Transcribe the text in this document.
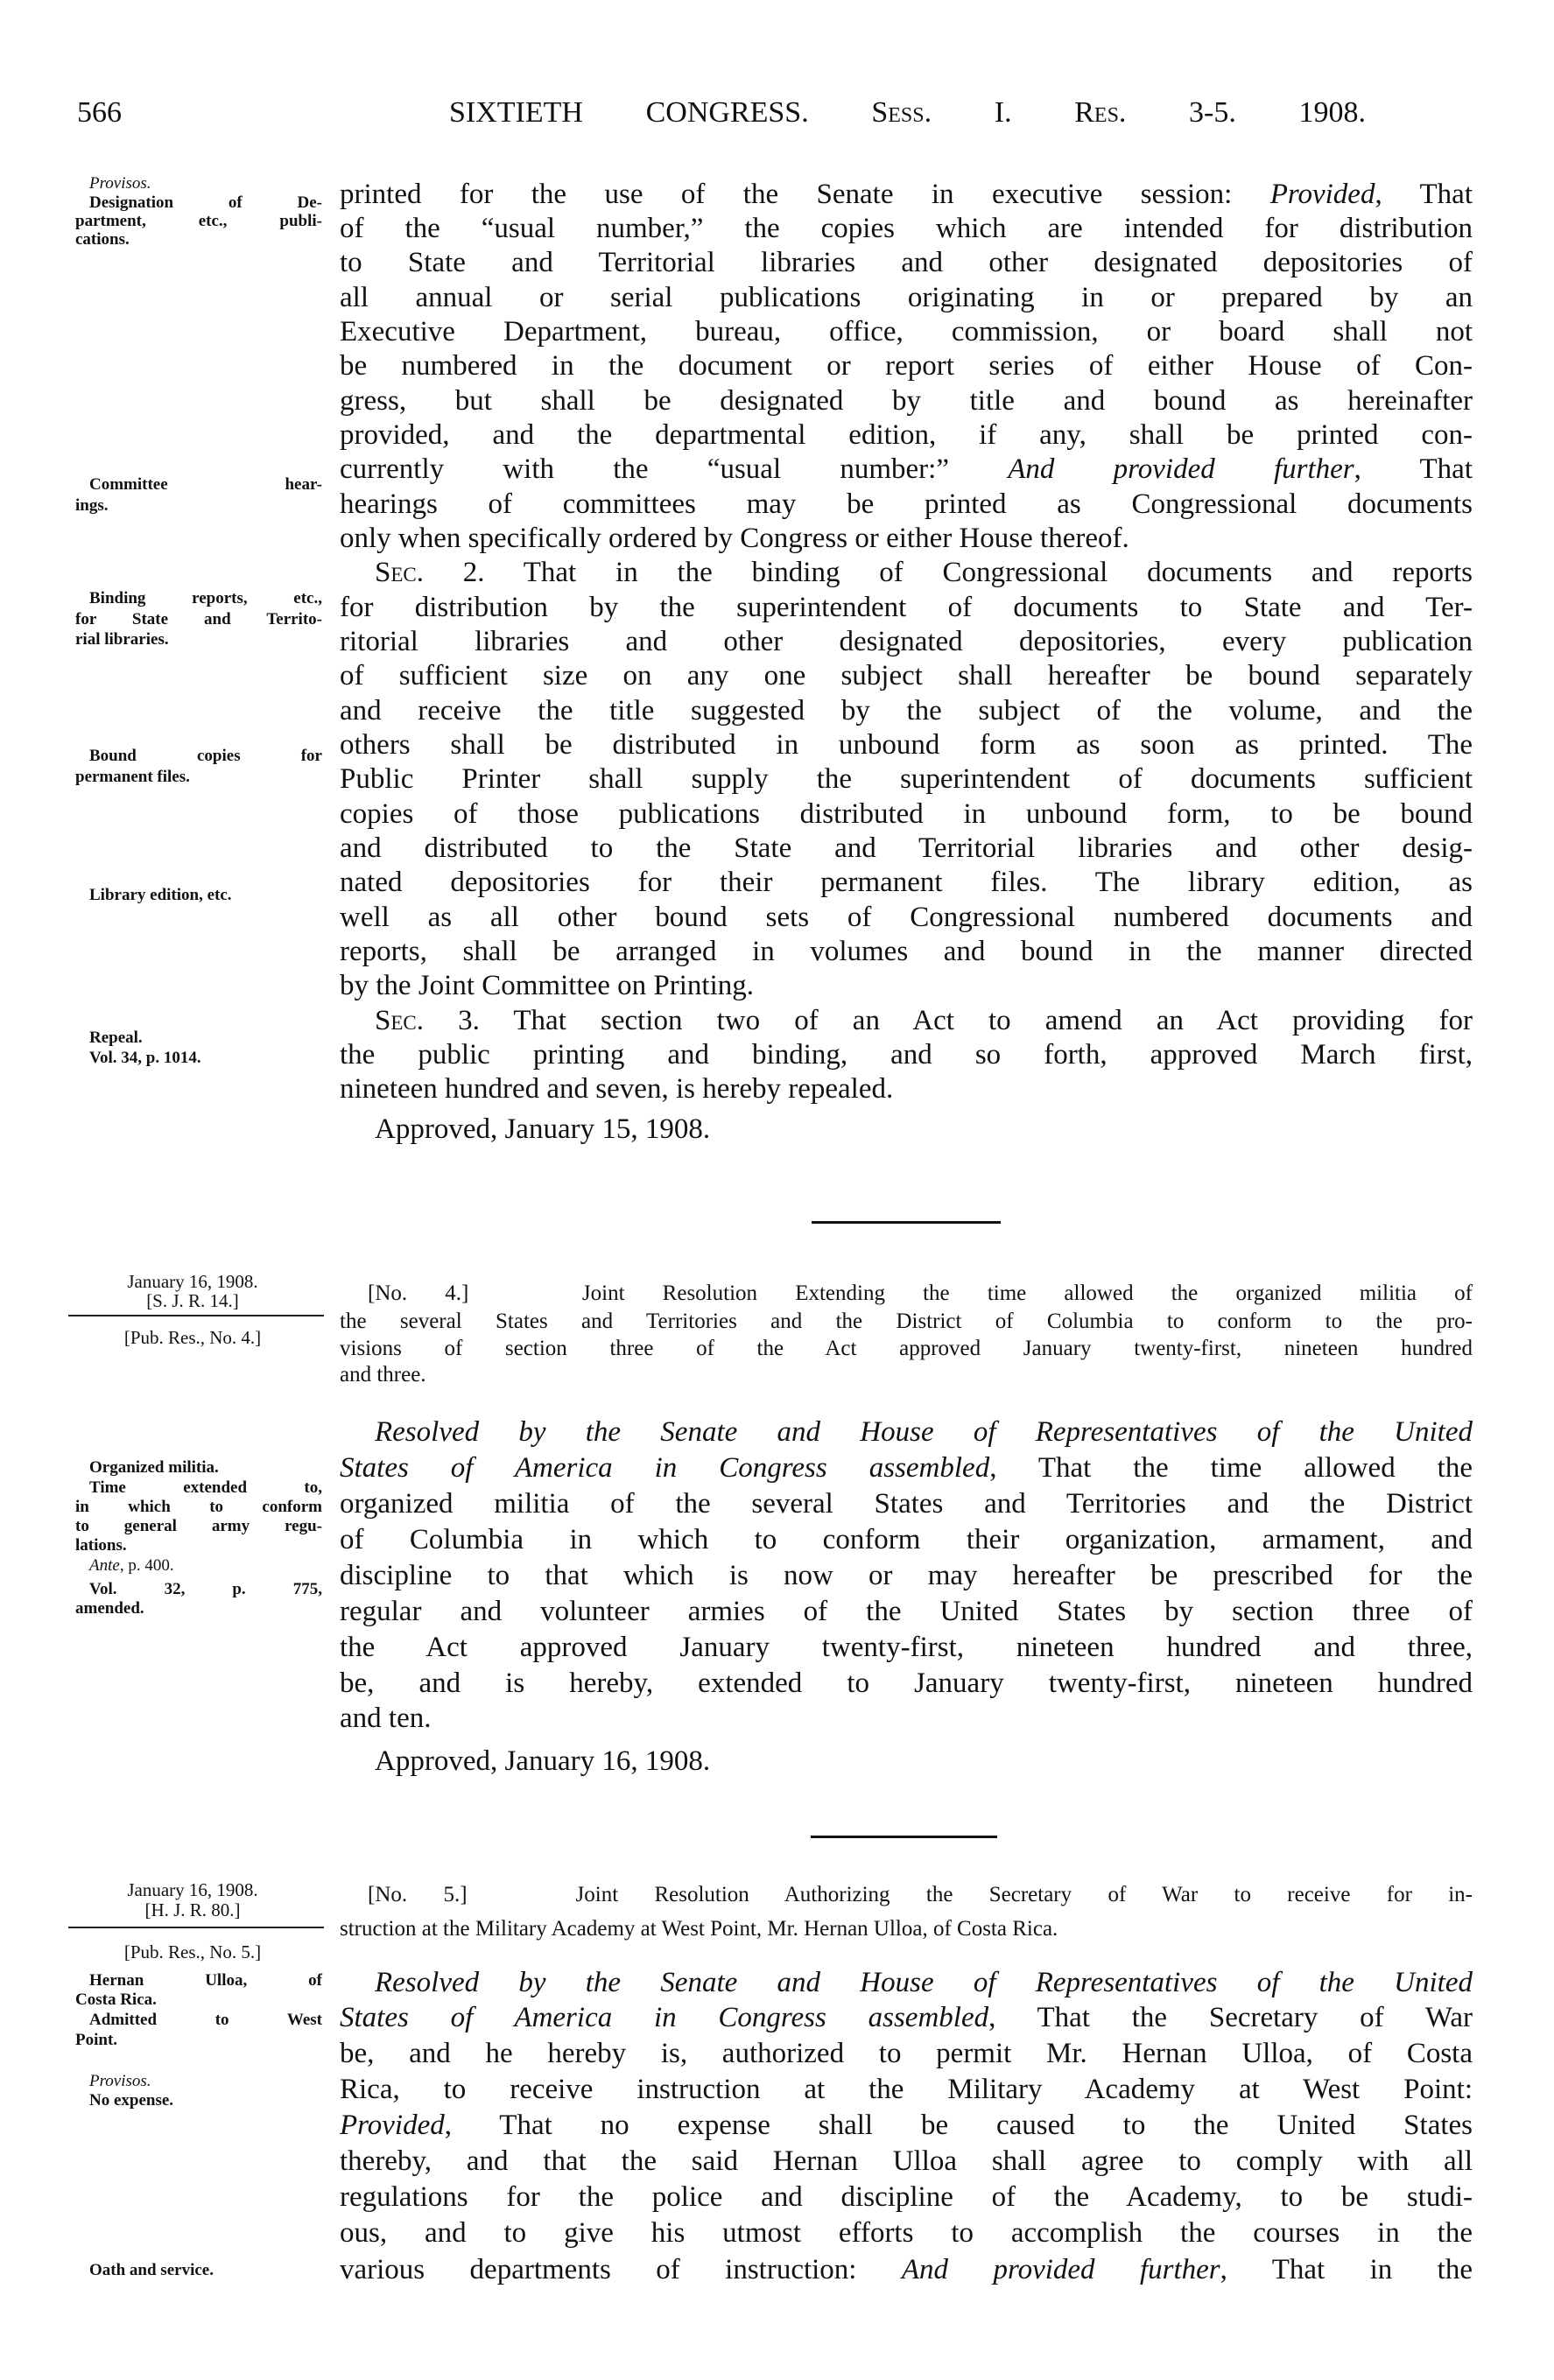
566	SIXTIETH CONGRESS. Sess. I. Res. 3-5. 1908.
Provisos.
Designation of De-
partment, etc., publi-
cations.
Committee hear-
ings.
Binding reports, etc.,
for State and Territo-
rial libraries.
Bound copies for
permanent files.
Library edition, etc.
Repeal.
Vol. 34, p. 1014.
printed for the use of the Senate in executive session: Provided, That
of the “usual number,” the copies which are intended for distribution
to State and Territorial libraries and other designated depositories of
all annual or serial publications originating in or prepared by an
Executive Department, bureau, office, commission, or board shall not
be numbered in the document or report series of either House of Con-
gress, but shall be designated by title and bound as hereinafter
provided, and the departmental edition, if any, shall be printed con-
currently with the “usual number:” And provided further, That
hearings of committees may be printed as Congressional documents
only when specifically ordered by Congress or either House thereof.
Sec. 2. That in the binding of Congressional documents and reports
for distribution by the superintendent of documents to State and Ter-
ritorial libraries and other designated depositories, every publication
of sufficient size on any one subject shall hereafter be bound separately
and receive the title suggested by the subject of the volume, and the
others shall be distributed in unbound form as soon as printed. The
Public Printer shall supply the superintendent of documents sufficient
copies of those publications distributed in unbound form, to be bound
and distributed to the State and Territorial libraries and other desig-
nated depositories for their permanent files. The library edition, as
well as all other bound sets of Congressional numbered documents and
reports, shall be arranged in volumes and bound in the manner directed
by the Joint Committee on Printing.
Sec. 3. That section two of an Act to amend an Act providing for
the public printing and binding, and so forth, approved March first,
nineteen hundred and seven, is hereby repealed.
Approved, January 15, 1908.
January 16, 1908.
[S. J. R. 14.]
[Pub. Res., No. 4.]
[No. 4.]	Joint Resolution Extending the time allowed the organized militia of
the several States and Territories and the District of Columbia to conform to the pro-
visions of section three of the Act approved January twenty-first, nineteen hundred
and three.
Organized militia.
Time extended to,
in which to conform
to general army regu-
lations.
Ante, p. 400.
Vol. 32, p. 775,
amended.
Resolved by the Senate and House of Representatives of the United
States of America in Congress assembled, That the time allowed the
organized militia of the several States and Territories and the District
of Columbia in which to conform their organization, armament, and
discipline to that which is now or may hereafter be prescribed for the
regular and volunteer armies of the United States by section three of
the Act approved January twenty-first, nineteen hundred and three,
be, and is hereby, extended to January twenty-first, nineteen hundred
and ten.
Approved, January 16, 1908.
January 16, 1908.
[H. J. R. 80.]
[Pub. Res., No. 5.]
[No. 5.]	Joint Resolution Authorizing the Secretary of War to receive for in-
struction at the Military Academy at West Point, Mr. Hernan Ulloa, of Costa Rica.
Hernan Ulloa, of
Costa Rica.
Admitted to West
Point.
Provisos.
No expense.
Oath and service.
Resolved by the Senate and House of Representatives of the United
States of America in Congress assembled, That the Secretary of War
be, and he hereby is, authorized to permit Mr. Hernan Ulloa, of Costa
Rica, to receive instruction at the Military Academy at West Point:
Provided, That no expense shall be caused to the United States
thereby, and that the said Hernan Ulloa shall agree to comply with all
regulations for the police and discipline of the Academy, to be studi-
ous, and to give his utmost efforts to accomplish the courses in the
various departments of instruction: And provided further, That in the
